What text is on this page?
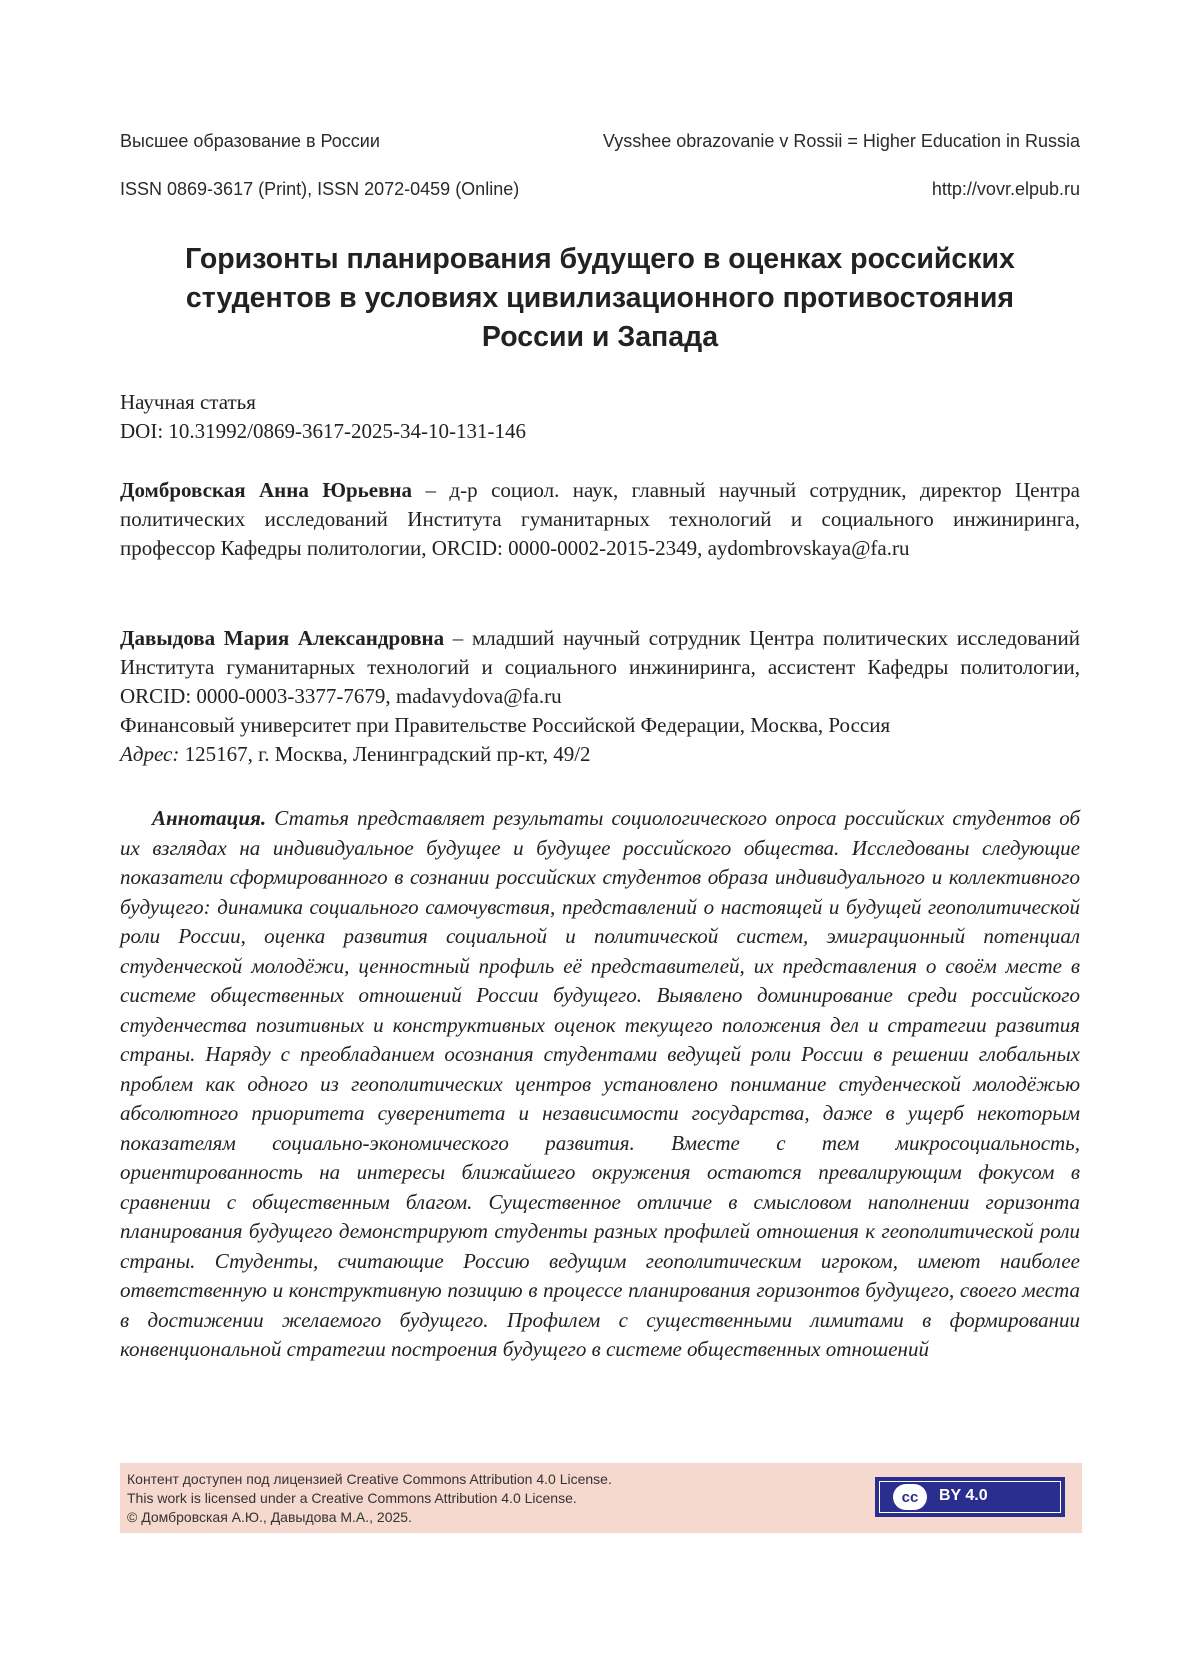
Высшее образование в России	Vysshee obrazovanie v Rossii = Higher Education in Russia
ISSN 0869-3617 (Print), ISSN 2072-0459 (Online)	http://vovr.elpub.ru
Горизонты планирования будущего в оценках российских
студентов в условиях цивилизационного противостояния
России и Запада
Научная статья
DOI: 10.31992/0869-3617-2025-34-10-131-146
Домбровская Анна Юрьевна – д-р социол. наук, главный научный сотрудник, директор Центра политических исследований Института гуманитарных технологий и социального инжиниринга, профессор Кафедры политологии, ORCID: 0000-0002-2015-2349, aydombrovskaya@fa.ru
Давыдова Мария Александровна – младший научный сотрудник Центра политических исследований Института гуманитарных технологий и социального инжиниринга, ассистент Кафедры политологии, ORCID: 0000-0003-3377-7679, madavydova@fa.ru
Финансовый университет при Правительстве Российской Федерации, Москва, Россия
Адрес: 125167, г. Москва, Ленинградский пр-кт, 49/2

Аннотация. Статья представляет результаты социологического опроса российских студентов об их взглядах на индивидуальное будущее и будущее российского общества. Исследованы следующие показатели сформированного в сознании российских студентов образа индивидуального и коллективного будущего: динамика социального самочувствия, представлений о настоящей и будущей геополитической роли России, оценка развития социальной и политической систем, эмиграционный потенциал студенческой молодёжи, ценностный профиль её представителей, их представления о своём месте в системе общественных отношений России будущего. Выявлено доминирование среди российского студенчества позитивных и конструктивных оценок текущего положения дел и стратегии развития страны. Наряду с преобладанием осознания студентами ведущей роли России в решении глобальных проблем как одного из геополитических центров установлено понимание студенческой молодёжью абсолютного приоритета суверенитета и независимости государства, даже в ущерб некоторым показателям социально-экономического развития. Вместе с тем микросоциальность, ориентированность на интересы ближайшего окружения остаются превалирующим фокусом в сравнении с общественным благом. Существенное отличие в смысловом наполнении горизонта планирования будущего демонстрируют студенты разных профилей отношения к геополитической роли страны. Студенты, считающие Россию ведущим геополитическим игроком, имеют наиболее ответственную и конструктивную позицию в процессе планирования горизонтов будущего, своего места в достижении желаемого будущего. Профилем с существенными лимитами в формировании конвенциональной стратегии построения будущего в системе общественных отношений

Контент доступен под лицензией Creative Commons Attribution 4.0 License.
This work is licensed under a Creative Commons Attribution 4.0 License.
© Домбровская А.Ю., Давыдова М.А., 2025.
cc	BY 4.0
